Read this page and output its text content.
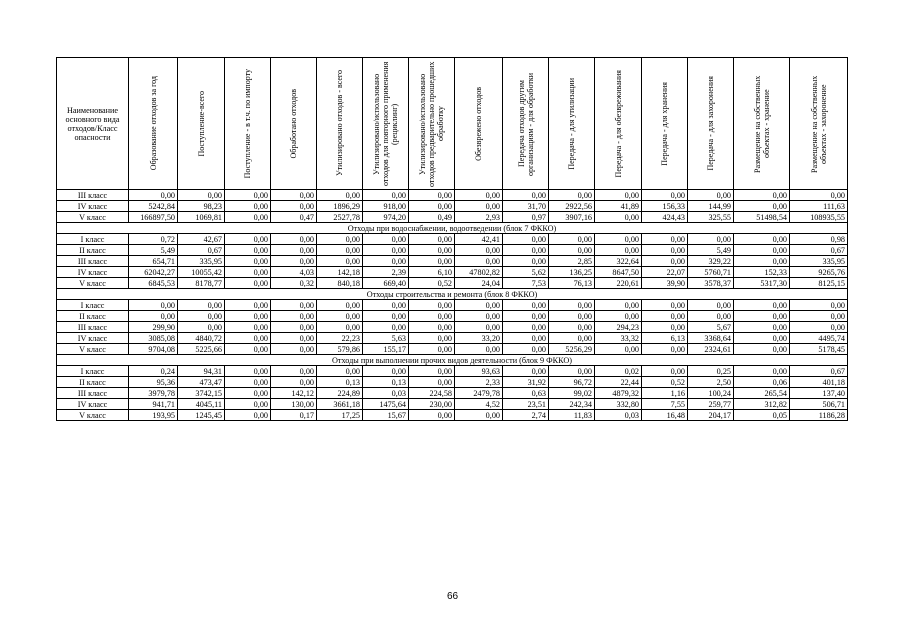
Наименование основного вида отходов/Класс опасности	Образование отходов за год	Поступление-всего	Поступление - в т.ч. по импорту	Обработано отходов	Утилизировано отходов - всего	Утилизировано/использовано отходов для повторного применения (рециклинг)	Утилизировано/использовано отходов предварительно прошедших обработку	Обезврежено отходов	Передача отходов другим организациям - для обработки	Передача - для утилизации	Передача - для обезвреживания	Передача - для хранения	Передача - для захоронения	Размещение на собственных объектах - хранение	Размещение на собственных объектах - захоронение

III класс	0,00	0,00	0,00	0,00	0,00	0,00	0,00	0,00	0,00	0,00	0,00	0,00	0,00	0,00	0,00
IV класс	5242,84	98,23	0,00	0,00	1896,29	918,00	0,00	0,00	31,70	2922,56	41,89	156,33	144,99	0,00	111,63
V класс	166897,50	1069,81	0,00	0,47	2527,78	974,20	0,49	2,93	0,97	3907,16	0,00	424,43	325,55	51498,54	108935,55
Отходы при водоснабжении, водоотведении (блок 7 ФККО)															
I класс	0,72	42,67	0,00	0,00	0,00	0,00	0,00	42,41	0,00	0,00	0,00	0,00	0,00	0,00	0,98
II класс	5,49	0,67	0,00	0,00	0,00	0,00	0,00	0,00	0,00	0,00	0,00	0,00	5,49	0,00	0,67
III класс	654,71	335,95	0,00	0,00	0,00	0,00	0,00	0,00	0,00	2,85	322,64	0,00	329,22	0,00	335,95
IV класс	62042,27	10055,42	0,00	4,03	142,18	2,39	6,10	47802,82	5,62	136,25	8647,50	22,07	5760,71	152,33	9265,76
V класс	6845,53	8178,77	0,00	0,32	840,18	669,40	0,52	24,04	7,53	76,13	220,61	39,90	3578,37	5317,30	8125,15
Отходы строительства и ремонта (блок 8 ФККО)															
I класс	0,00	0,00	0,00	0,00	0,00	0,00	0,00	0,00	0,00	0,00	0,00	0,00	0,00	0,00	0,00
II класс	0,00	0,00	0,00	0,00	0,00	0,00	0,00	0,00	0,00	0,00	0,00	0,00	0,00	0,00	0,00
III класс	299,90	0,00	0,00	0,00	0,00	0,00	0,00	0,00	0,00	0,00	294,23	0,00	5,67	0,00	0,00
IV класс	3085,08	4840,72	0,00	0,00	22,23	5,63	0,00	33,20	0,00	0,00	33,32	6,13	3368,64	0,00	4495,74
V класс	9704,08	5225,66	0,00	0,00	579,86	155,17	0,00	0,00	0,00	5256,29	0,00	0,00	2324,61	0,00	5178,45
Отходы при выполнении прочих видов деятельности (блок 9 ФККО)															
I класс	0,24	94,31	0,00	0,00	0,00	0,00	0,00	93,63	0,00	0,00	0,02	0,00	0,25	0,00	0,67
II класс	95,36	473,47	0,00	0,00	0,13	0,13	0,00	2,33	31,92	96,72	22,44	0,52	2,50	0,06	401,18
III класс	3979,78	3742,15	0,00	142,12	224,89	0,03	224,58	2479,78	0,63	99,02	4879,32	1,16	100,24	265,54	137,40
IV класс	941,71	4045,11	0,00	130,00	3661,18	1475,64	230,00	4,52	23,51	242,34	332,80	7,55	259,77	312,82	506,71
V класс	193,95	1245,45	0,00	0,17	17,25	15,67	0,00	0,00	2,74	11,83	0,03	16,48	204,17	0,05	1186,28
66
